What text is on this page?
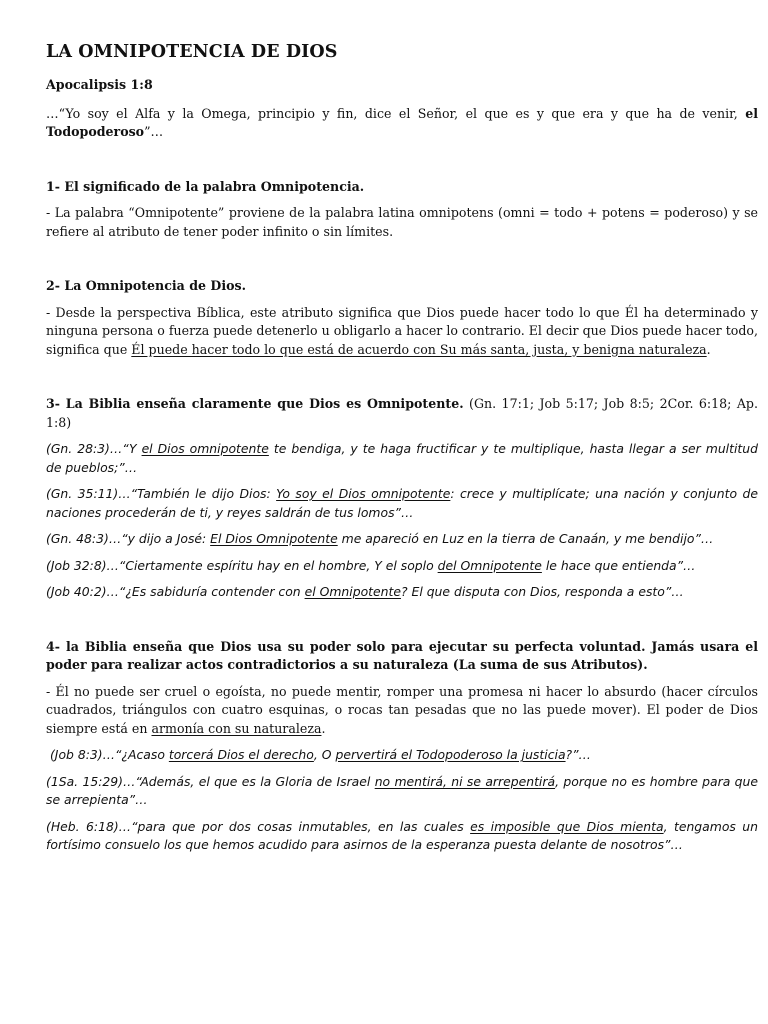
LA OMNIPOTENCIA DE DIOS

Apocalipsis 1:8

…“Yo soy el Alfa y la Omega, principio y fin, dice el Señor, el que es y que era y que ha de venir, el Todopoderoso”…

1- El significado de la palabra Omnipotencia.

- La palabra “Omnipotente” proviene de la palabra latina omnipotens (omni = todo + potens = poderoso) y se refiere al atributo de tener poder infinito o sin límites.

2- La Omnipotencia de Dios.

- Desde la perspectiva Bíblica, este atributo significa que Dios puede hacer todo lo que Él ha determinado y ninguna persona o fuerza puede detenerlo u obligarlo a hacer lo contrario. El decir que Dios puede hacer todo, significa que Él puede hacer todo lo que está de acuerdo con Su más santa, justa, y benigna naturaleza.

3- La Biblia enseña claramente que Dios es Omnipotente. (Gn. 17:1; Job 5:17; Job 8:5; 2Cor. 6:18; Ap. 1:8)

(Gn. 28:3)…“Y el Dios omnipotente te bendiga, y te haga fructificar y te multiplique, hasta llegar a ser multitud de pueblos;”…

(Gn. 35:11)…“También le dijo Dios: Yo soy el Dios omnipotente: crece y multiplícate; una nación y conjunto de naciones procederán de ti, y reyes saldrán de tus lomos”…

(Gn. 48:3)…“y dijo a José: El Dios Omnipotente me apareció en Luz en la tierra de Canaán, y me bendijo”…

(Job 32:8)…“Ciertamente espíritu hay en el hombre, Y el soplo del Omnipotente le hace que entienda”…

(Job 40:2)…“¿Es sabiduría contender con el Omnipotente? El que disputa con Dios, responda a esto”…

4- la Biblia enseña que Dios usa su poder solo para ejecutar su perfecta voluntad. Jamás usara el poder para realizar actos contradictorios a su naturaleza (La suma de sus Atributos).

- Él no puede ser cruel o egoísta, no puede mentir, romper una promesa ni hacer lo absurdo (hacer círculos cuadrados, triángulos con cuatro esquinas, o rocas tan pesadas que no las puede mover). El poder de Dios siempre está en armonía con su naturaleza.

(Job 8:3)…“¿Acaso torcerá Dios el derecho, O pervertirá el Todopoderoso la justicia?”…

(1Sa. 15:29)…“Además, el que es la Gloria de Israel no mentirá, ni se arrepentirá, porque no es hombre para que se arrepienta”…

(Heb. 6:18)…“para que por dos cosas inmutables, en las cuales es imposible que Dios mienta, tengamos un fortísimo consuelo los que hemos acudido para asirnos de la esperanza puesta delante de nosotros”…
